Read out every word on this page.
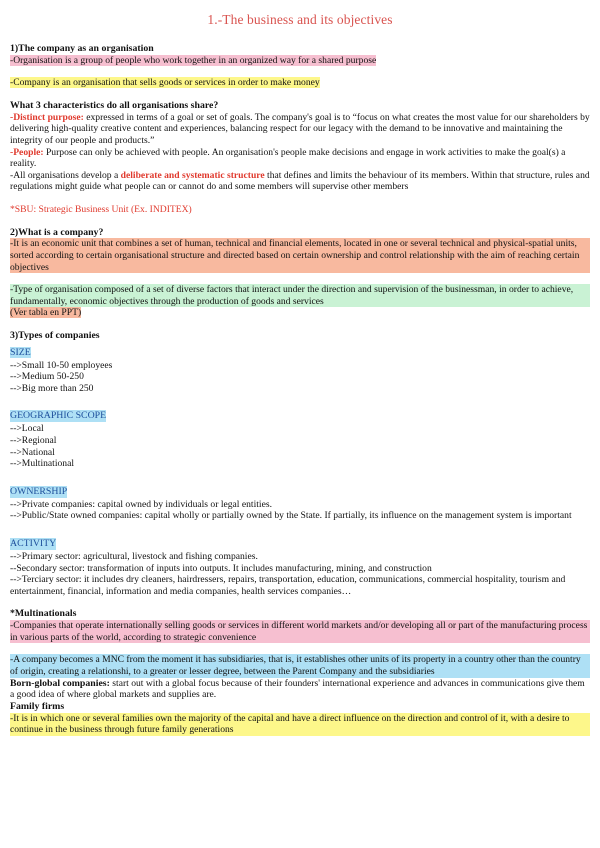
1.-The business and its objectives
1)The company as an organisation
-Organisation is a group of people who work together in an organized way for a shared purpose
-Company is an organisation that sells goods or services in order to make money
What 3 characteristics do all organisations share?
-Distinct purpose: expressed in terms of a goal or set of goals. The company's goal is to “focus on what creates the most value for our shareholders by delivering high-quality creative content and experiences, balancing respect for our legacy with the demand to be innovative and maintaining the integrity of our people and products.”
-People: Purpose can only be achieved with people. An organisation's people make decisions and engage in work activities to make the goal(s) a reality.
-All organisations develop a deliberate and systematic structure that defines and limits the behaviour of its members. Within that structure, rules and regulations might guide what people can or cannot do and some members will supervise other members
*SBU: Strategic Business Unit (Ex. INDITEX)
2)What is a company?
-It is an economic unit that combines a set of human, technical and financial elements, located in one or several technical and physical-spatial units, sorted according to certain organisational structure and directed based on certain ownership and control relationship with the aim of reaching certain objectives
-Type of organisation composed of a set of diverse factors that interact under the direction and supervision of the businessman, in order to achieve, fundamentally, economic objectives through the production of goods and services
(Ver tabla en PPT)
3)Types of companies
SIZE
-->Small 10-50 employees
-->Medium 50-250
-->Big more than 250
GEOGRAPHIC SCOPE
-->Local
-->Regional
-->National
-->Multinational
OWNERSHIP
-->Private companies: capital owned by individuals or legal entities.
-->Public/State owned companies: capital wholly or partially owned by the State. If partially, its influence on the management system is important
ACTIVITY
-->Primary sector: agricultural, livestock and fishing companies.
--Secondary sector: transformation of inputs into outputs. It includes manufacturing, mining, and construction
-->Terciary sector: it includes dry cleaners, hairdressers, repairs, transportation, education, communications, commercial hospitality, tourism and entertainment, financial, information and media companies, health services companies…
*Multinationals
-Companies that operate internationally selling goods or services in different world markets and/or developing all or part of the manufacturing process in various parts of the world, according to strategic convenience
-A company becomes a MNC from the moment it has subsidiaries, that is, it establishes other units of its property in a country other than the country of origin, creating a relationshi, to a greater or lesser degree, between the Parent Company and the subsidiaries
Born-global companies: start out with a global focus because of their founders' international experience and advances in communications give them a good idea of where global markets and supplies are.
Family firms
-It is in which one or several families own the majority of the capital and have a direct influence on the direction and control of it, with a desire to continue in the business through future family generations
